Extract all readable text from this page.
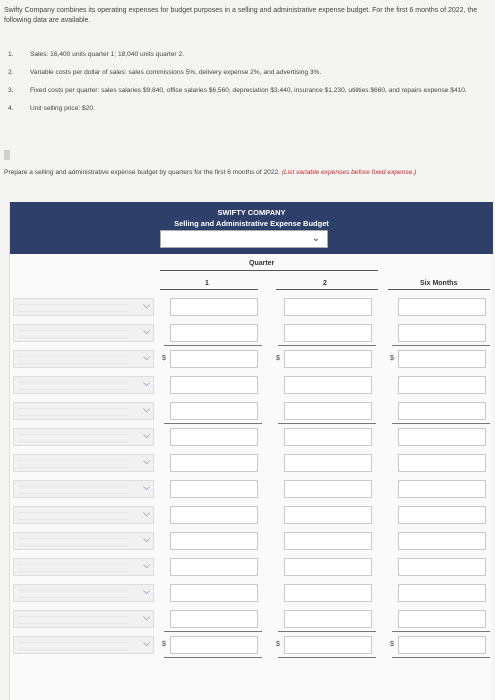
Swifty Company combines its operating expenses for budget purposes in a selling and administrative expense budget. For the first 6 months of 2022, the following data are available.
1.	Sales: 16,400 units quarter 1; 18,040 units quarter 2.
2.	Variable costs per dollar of sales: sales commissions 5%, delivery expense 2%, and advertising 3%.
3.	Fixed costs per quarter: sales salaries $9,840, office salaries $6,560, depreciation $3,440, insurance $1,230, utilities $660, and repairs expense $410.
4.	Unit selling price: $20.
Prepare a selling and administrative expense budget by quarters for the first 6 months of 2022. (List variable expenses before fixed expense.)
SWIFTY COMPANY
Selling and Administrative Expense Budget
⌄
Quarter
1	2	Six Months
⌵
⌵
⌵ $	$	$
⌵
⌵
⌵
⌵
⌵
⌵
⌵
⌵
⌵
⌵
⌵ $	$	$
